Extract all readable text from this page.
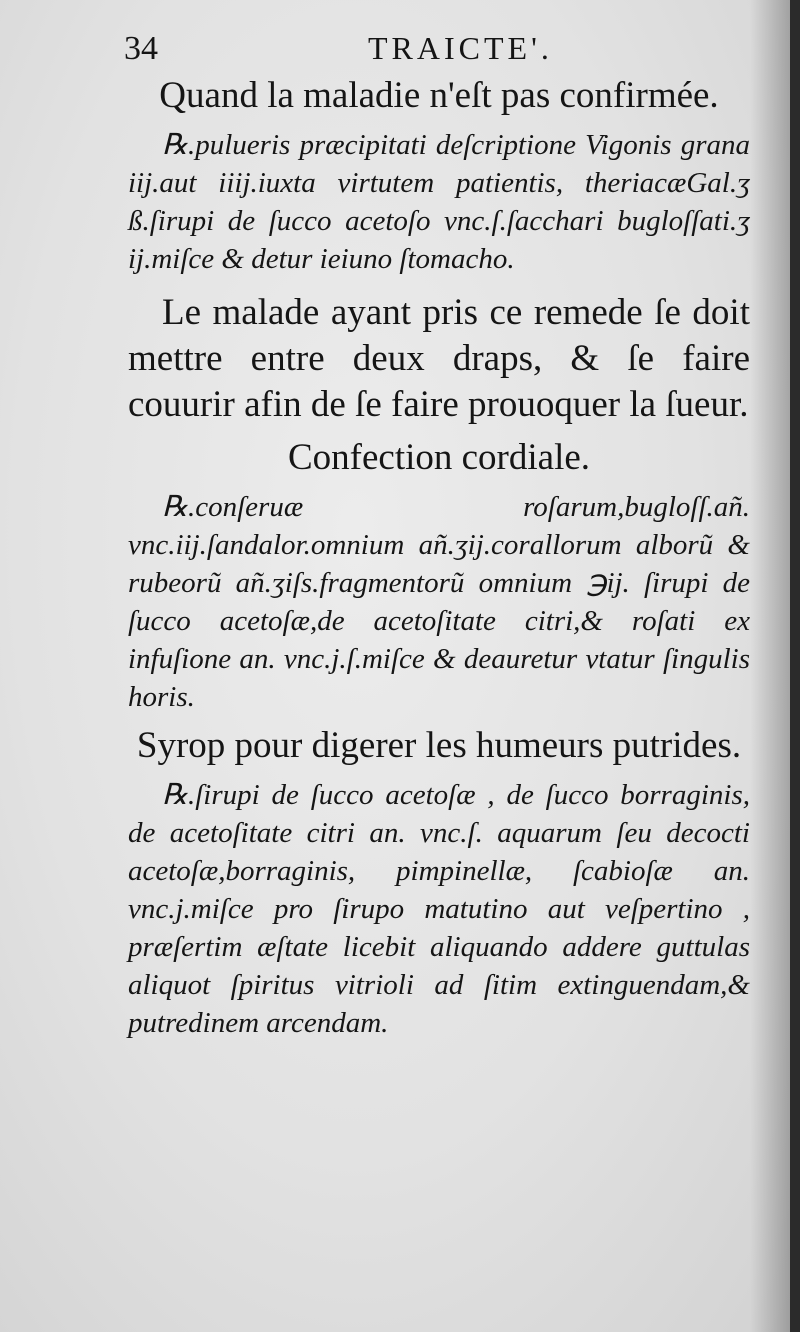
34	TRAICTE'.

Quand la maladie n'eſt pas confirmée.

℞.pulueris præcipitati deſcriptione Vigonis grana iij.aut iiij.iuxta virtutem patientis, theriacæGal.ʒ ß.ſirupi de ſucco acetoſo vnc.ſ.ſacchari bugloſſati.ʒ ij.miſce & detur ieiuno ſtomacho.

Le malade ayant pris ce remede ſe doit mettre entre deux draps, & ſe faire couurir afin de ſe faire prouoquer la ſueur.

Confection cordiale.

℞.conſeruæ roſarum,bugloſſ.añ. vnc.iij.ſandalor.omnium añ.ʒij.corallorum alborũ & rubeorũ añ.ʒiſs.fragmentorũ omnium ℈ij. ſirupi de ſucco acetoſæ,de acetoſitate citri,& roſati ex infuſione an. vnc.j.ſ.miſce & deauretur vtatur ſingulis horis.

Syrop pour digerer les humeurs putrides.

℞.ſirupi de ſucco acetoſæ , de ſucco borraginis, de acetoſitate citri an. vnc.ſ. aquarum ſeu decocti acetoſæ,borraginis, pimpinellæ, ſcabioſæ an. vnc.j.miſce pro ſirupo matutino aut veſpertino , præſertim æſtate licebit aliquando addere guttulas aliquot ſpiritus vitrioli ad ſitim extinguendam,& putredinem arcendam.
